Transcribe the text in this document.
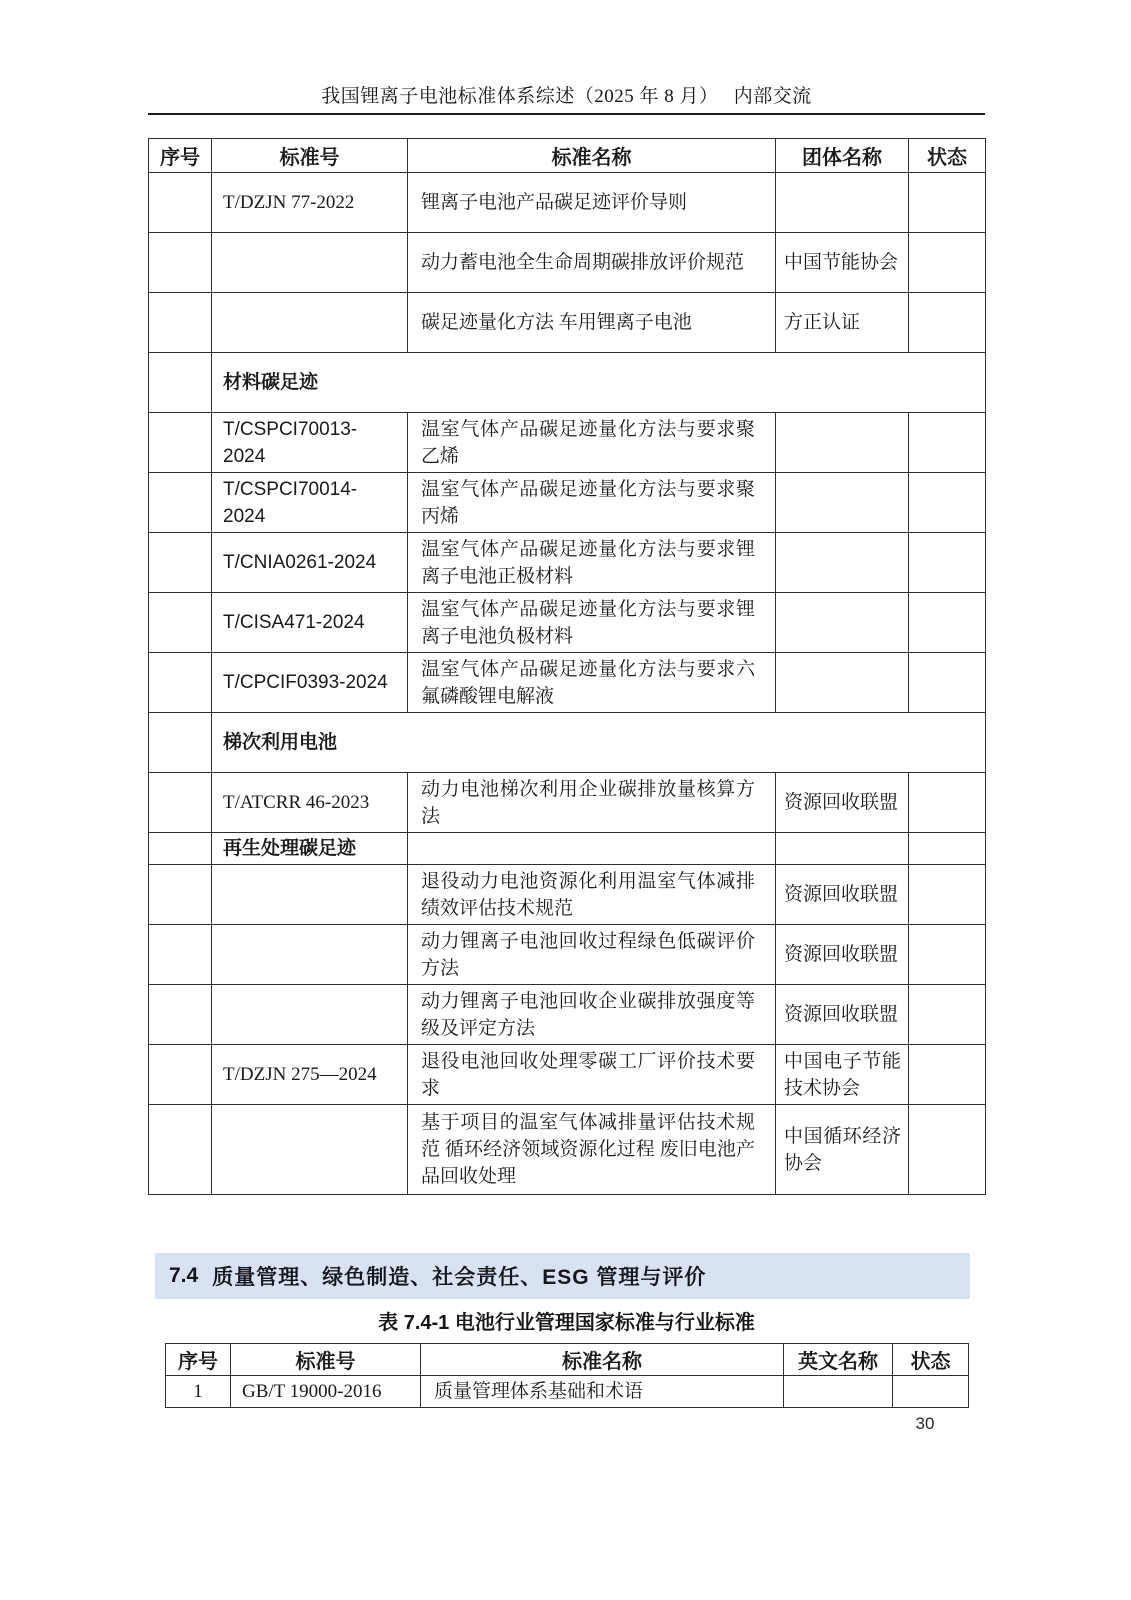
我国锂离子电池标准体系综述（2025 年 8 月）　 内部交流
序号	标准号	标准名称	团体名称	状态
	T/DZJN 77-2022	锂离子电池产品碳足迹评价导则		
		动力蓄电池全生命周期碳排放评价规范	中国节能协会	
		碳足迹量化方法 车用锂离子电池	方正认证	
	材料碳足迹			
	T/CSPCI70013-2024	温室气体产品碳足迹量化方法与要求聚乙烯		
	T/CSPCI70014-2024	温室气体产品碳足迹量化方法与要求聚丙烯		
	T/CNIA0261-2024	温室气体产品碳足迹量化方法与要求锂离子电池正极材料		
	T/CISA471-2024	温室气体产品碳足迹量化方法与要求锂离子电池负极材料		
	T/CPCIF0393-2024	温室气体产品碳足迹量化方法与要求六氟磷酸锂电解液		
	梯次利用电池			
	T/ATCRR 46-2023	动力电池梯次利用企业碳排放量核算方法	资源回收联盟	
	再生处理碳足迹			
		退役动力电池资源化利用温室气体减排绩效评估技术规范	资源回收联盟	
		动力锂离子电池回收过程绿色低碳评价方法	资源回收联盟	
		动力锂离子电池回收企业碳排放强度等级及评定方法	资源回收联盟	
	T/DZJN 275—2024	退役电池回收处理零碳工厂评价技术要求	中国电子节能技术协会	
		基于项目的温室气体减排量评估技术规范 循环经济领域资源化过程 废旧电池产品回收处理	中国循环经济协会	
7.4 质量管理、绿色制造、社会责任、ESG 管理与评价
表 7.4-1 电池行业管理国家标准与行业标准
序号	标准号	标准名称	英文名称	状态
1	GB/T 19000-2016	质量管理体系基础和术语		
30
